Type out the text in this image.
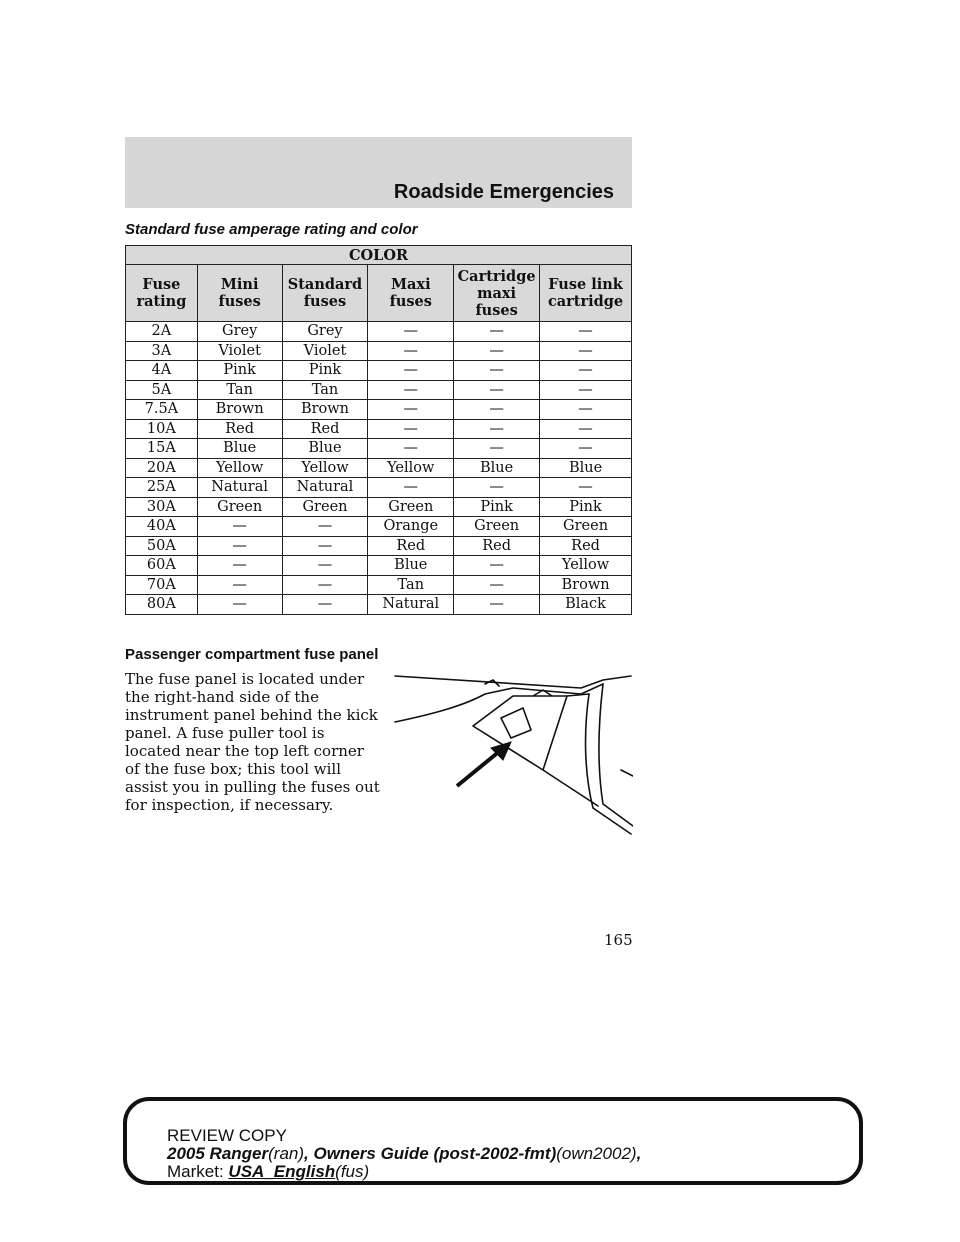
Roadside Emergencies
Standard fuse amperage rating and color
COLOR					
Fuse rating	Mini fuses	Standard fuses	Maxi fuses	Cartridge maxi fuses	Fuse link cartridge
2A	Grey	Grey	—	—	—
3A	Violet	Violet	—	—	—
4A	Pink	Pink	—	—	—
5A	Tan	Tan	—	—	—
7.5A	Brown	Brown	—	—	—
10A	Red	Red	—	—	—
15A	Blue	Blue	—	—	—
20A	Yellow	Yellow	Yellow	Blue	Blue
25A	Natural	Natural	—	—	—
30A	Green	Green	Green	Pink	Pink
40A	—	—	Orange	Green	Green
50A	—	—	Red	Red	Red
60A	—	—	Blue	—	Yellow
70A	—	—	Tan	—	Brown
80A	—	—	Natural	—	Black
Passenger compartment fuse panel
The fuse panel is located under the right-hand side of the instrument panel behind the kick panel. A fuse puller tool is located near the top left corner of the fuse box; this tool will assist you in pulling the fuses out for inspection, if necessary.
165
REVIEW COPY
2005 Ranger(ran), Owners Guide (post-2002-fmt)(own2002),
Market: USA_English(fus)
